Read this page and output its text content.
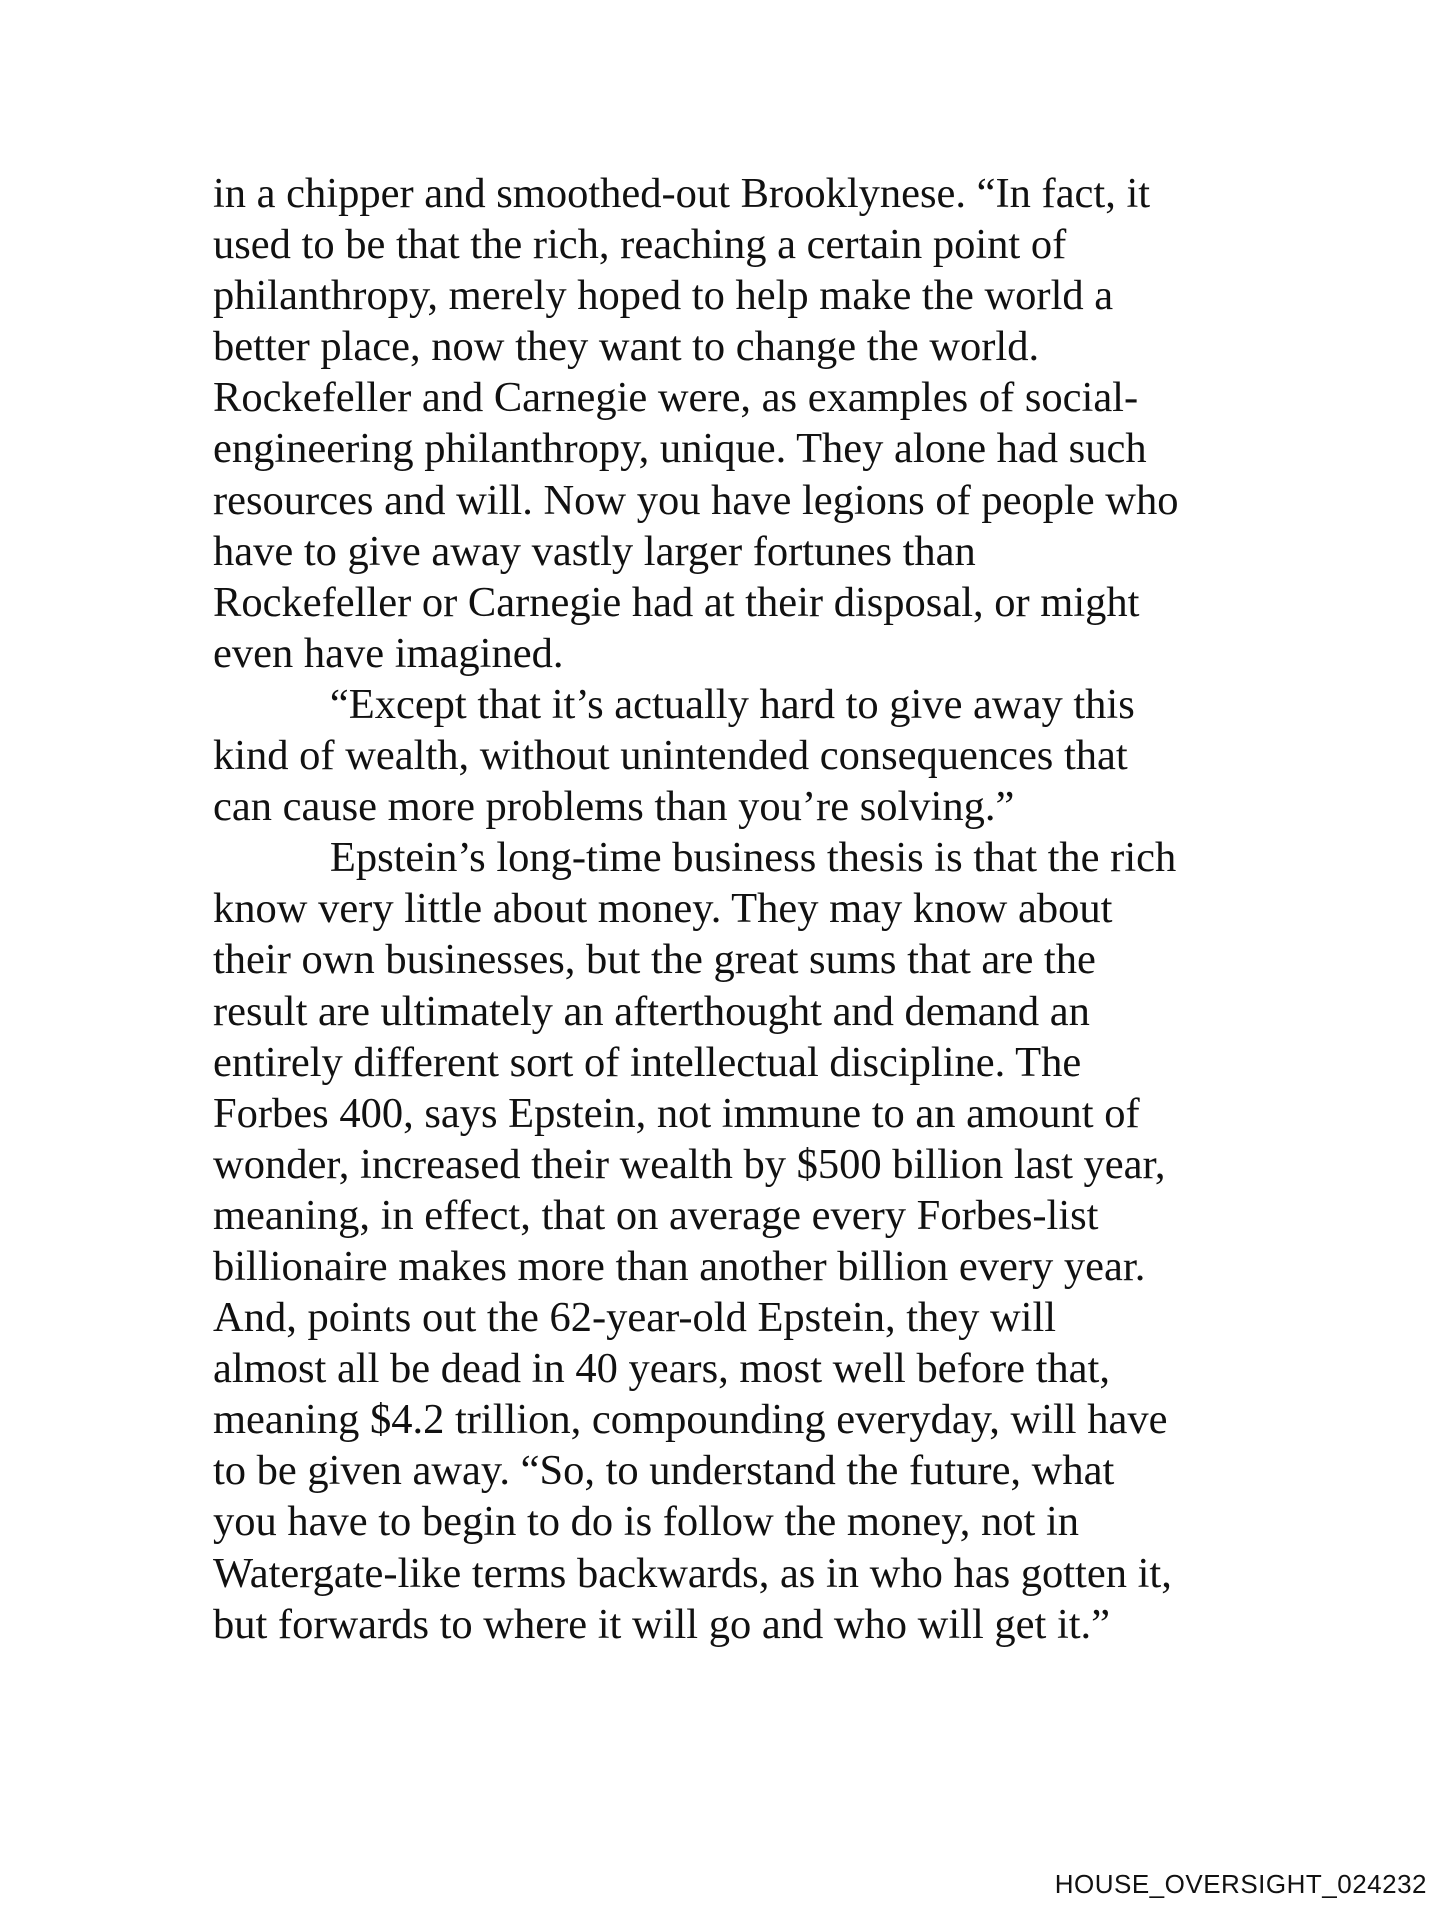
in a chipper and smoothed-out Brooklynese. “In fact, it
used to be that the rich, reaching a certain point of
philanthropy, merely hoped to help make the world a
better place, now they want to change the world.
Rockefeller and Carnegie were, as examples of social-
engineering philanthropy, unique. They alone had such
resources and will. Now you have legions of people who
have to give away vastly larger fortunes than
Rockefeller or Carnegie had at their disposal, or might
even have imagined.
“Except that it’s actually hard to give away this
kind of wealth, without unintended consequences that
can cause more problems than you’re solving.”
Epstein’s long-time business thesis is that the rich
know very little about money. They may know about
their own businesses, but the great sums that are the
result are ultimately an afterthought and demand an
entirely different sort of intellectual discipline. The
Forbes 400, says Epstein, not immune to an amount of
wonder, increased their wealth by $500 billion last year,
meaning, in effect, that on average every Forbes-list
billionaire makes more than another billion every year.
And, points out the 62-year-old Epstein, they will
almost all be dead in 40 years, most well before that,
meaning $4.2 trillion, compounding everyday, will have
to be given away. “So, to understand the future, what
you have to begin to do is follow the money, not in
Watergate-like terms backwards, as in who has gotten it,
but forwards to where it will go and who will get it.”
HOUSE_OVERSIGHT_024232
